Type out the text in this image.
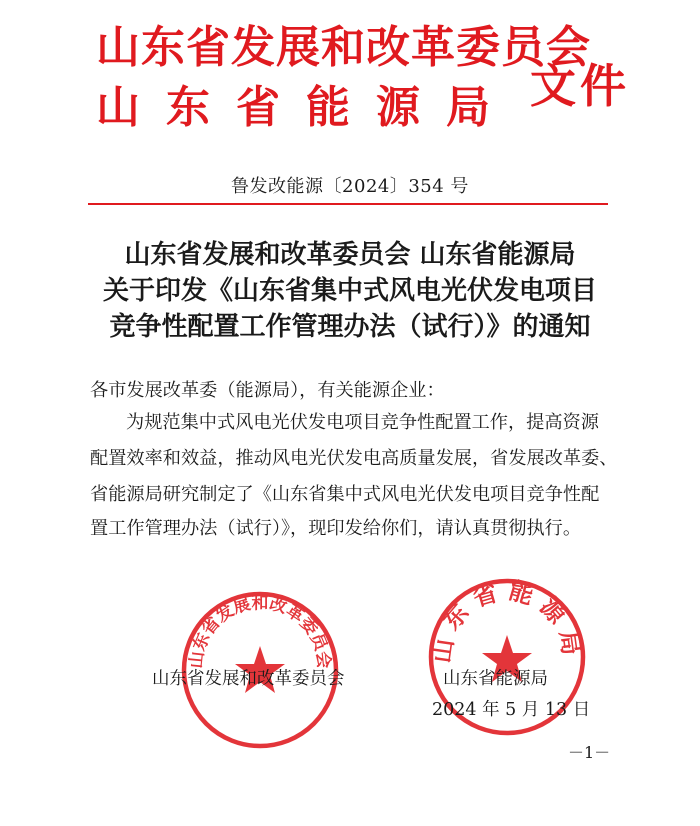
山东省发展和改革委员会
山东省能源局 文件
鲁发改能源〔2024〕354 号
山东省发展和改革委员会 山东省能源局
关于印发《山东省集中式风电光伏发电项目
竞争性配置工作管理办法（试行）》的通知
各市发展改革委（能源局），有关能源企业：
为规范集中式风电光伏发电项目竞争性配置工作，提高资源
配置效率和效益，推动风电光伏发电高质量发展，省发展改革委、
省能源局研究制定了《山东省集中式风电光伏发电项目竞争性配
置工作管理办法（试行）》，现印发给你们，请认真贯彻执行。
山东省发展和改革委员会	山东省能源局
山东省发展和改革委员会	山东省能源局
2024 年 5 月 13 日
－1－
